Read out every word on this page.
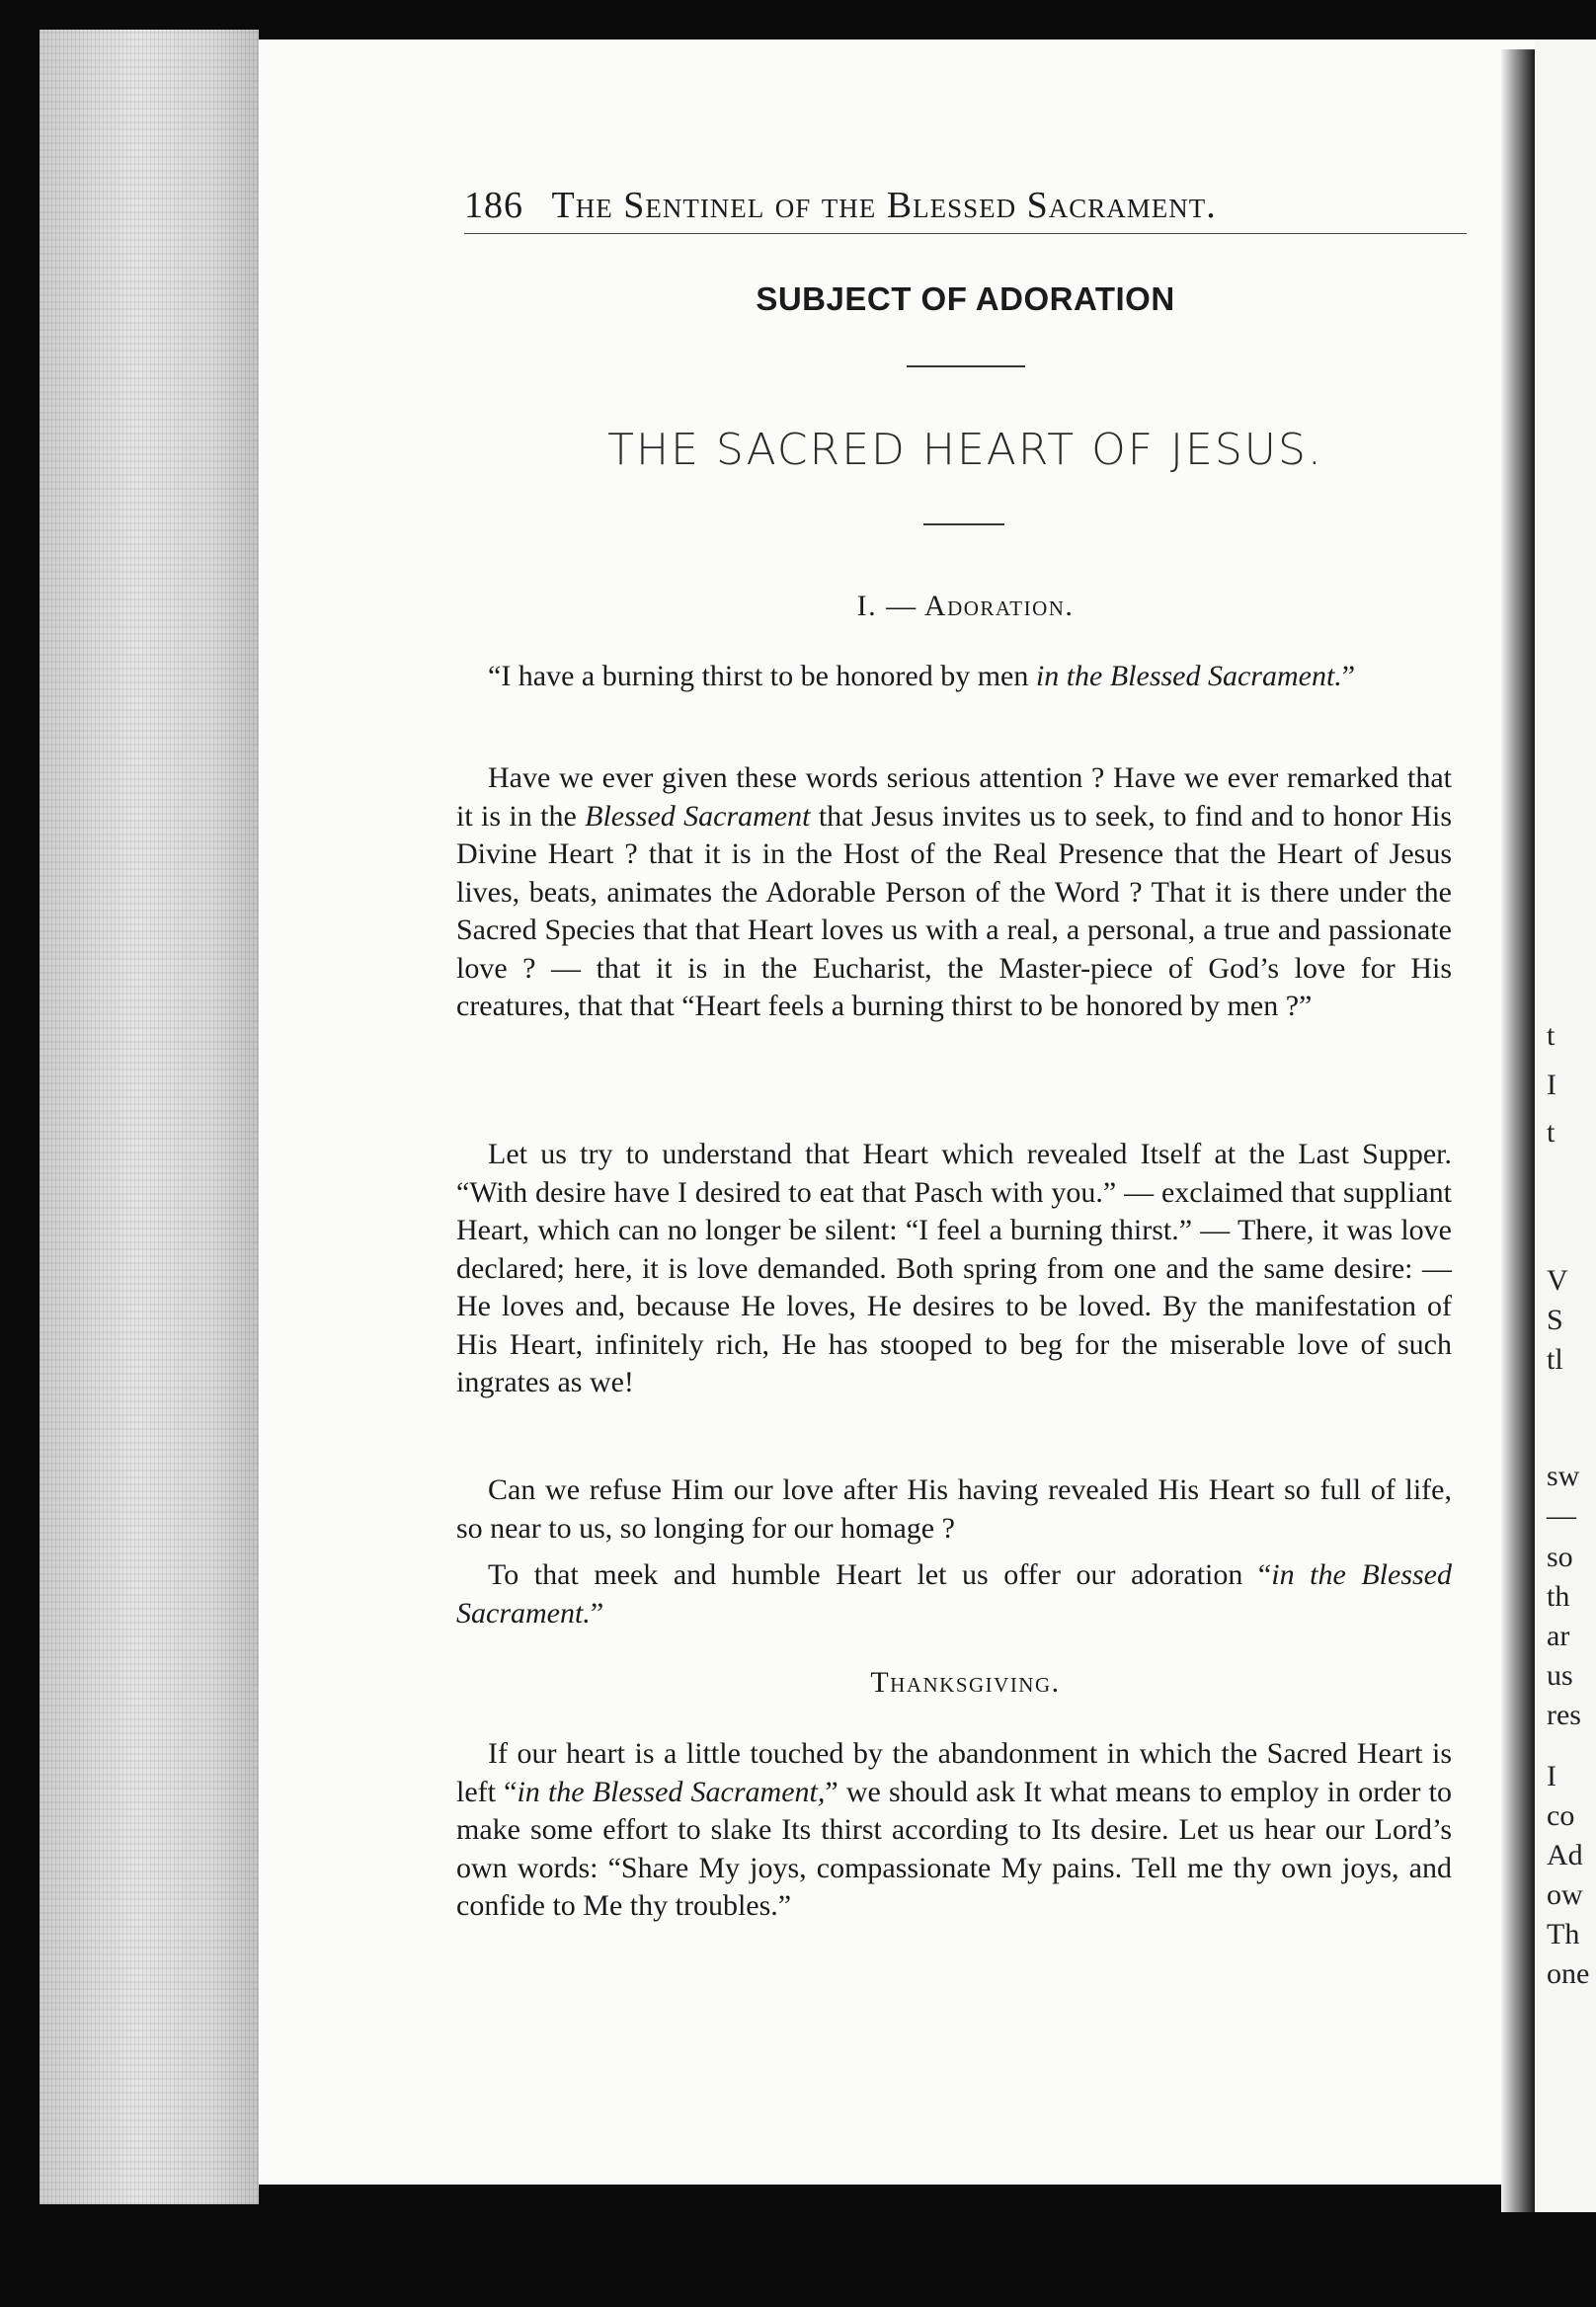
t
I
t
V
S
tl
sw
—
so
th
ar
us
res
I
co
Ad
ow
Th
one
186 The Sentinel of the Blessed Sacrament.
SUBJECT OF ADORATION
THE SACRED HEART OF JESUS.
I. — Adoration.

“I have a burning thirst to be honored by men in the Blessed Sacrament.”

Have we ever given these words serious attention ? Have we ever remarked that it is in the Blessed Sacrament that Jesus invites us to seek, to find and to honor His Divine Heart ? that it is in the Host of the Real Presence that the Heart of Jesus lives, beats, animates the Adorable Person of the Word ? That it is there under the Sacred Species that that Heart loves us with a real, a personal, a true and passionate love ? — that it is in the Eucharist, the Master-piece of God’s love for His creatures, that that “Heart feels a burning thirst to be honored by men ?”

Let us try to understand that Heart which revealed Itself at the Last Supper. “With desire have I desired to eat that Pasch with you.” — exclaimed that suppliant Heart, which can no longer be silent: “I feel a burning thirst.” — There, it was love declared; here, it is love demanded. Both spring from one and the same desire: — He loves and, because He loves, He desires to be loved. By the manifestation of His Heart, infinitely rich, He has stooped to beg for the miserable love of such ingrates as we!

Can we refuse Him our love after His having revealed His Heart so full of life, so near to us, so longing for our homage ?

To that meek and humble Heart let us offer our adoration “in the Blessed Sacrament.”

Thanksgiving.

If our heart is a little touched by the abandonment in which the Sacred Heart is left “in the Blessed Sacrament,” we should ask It what means to employ in order to make some effort to slake Its thirst according to Its desire. Let us hear our Lord’s own words: “Share My joys, compassionate My pains. Tell me thy own joys, and confide to Me thy troubles.”
